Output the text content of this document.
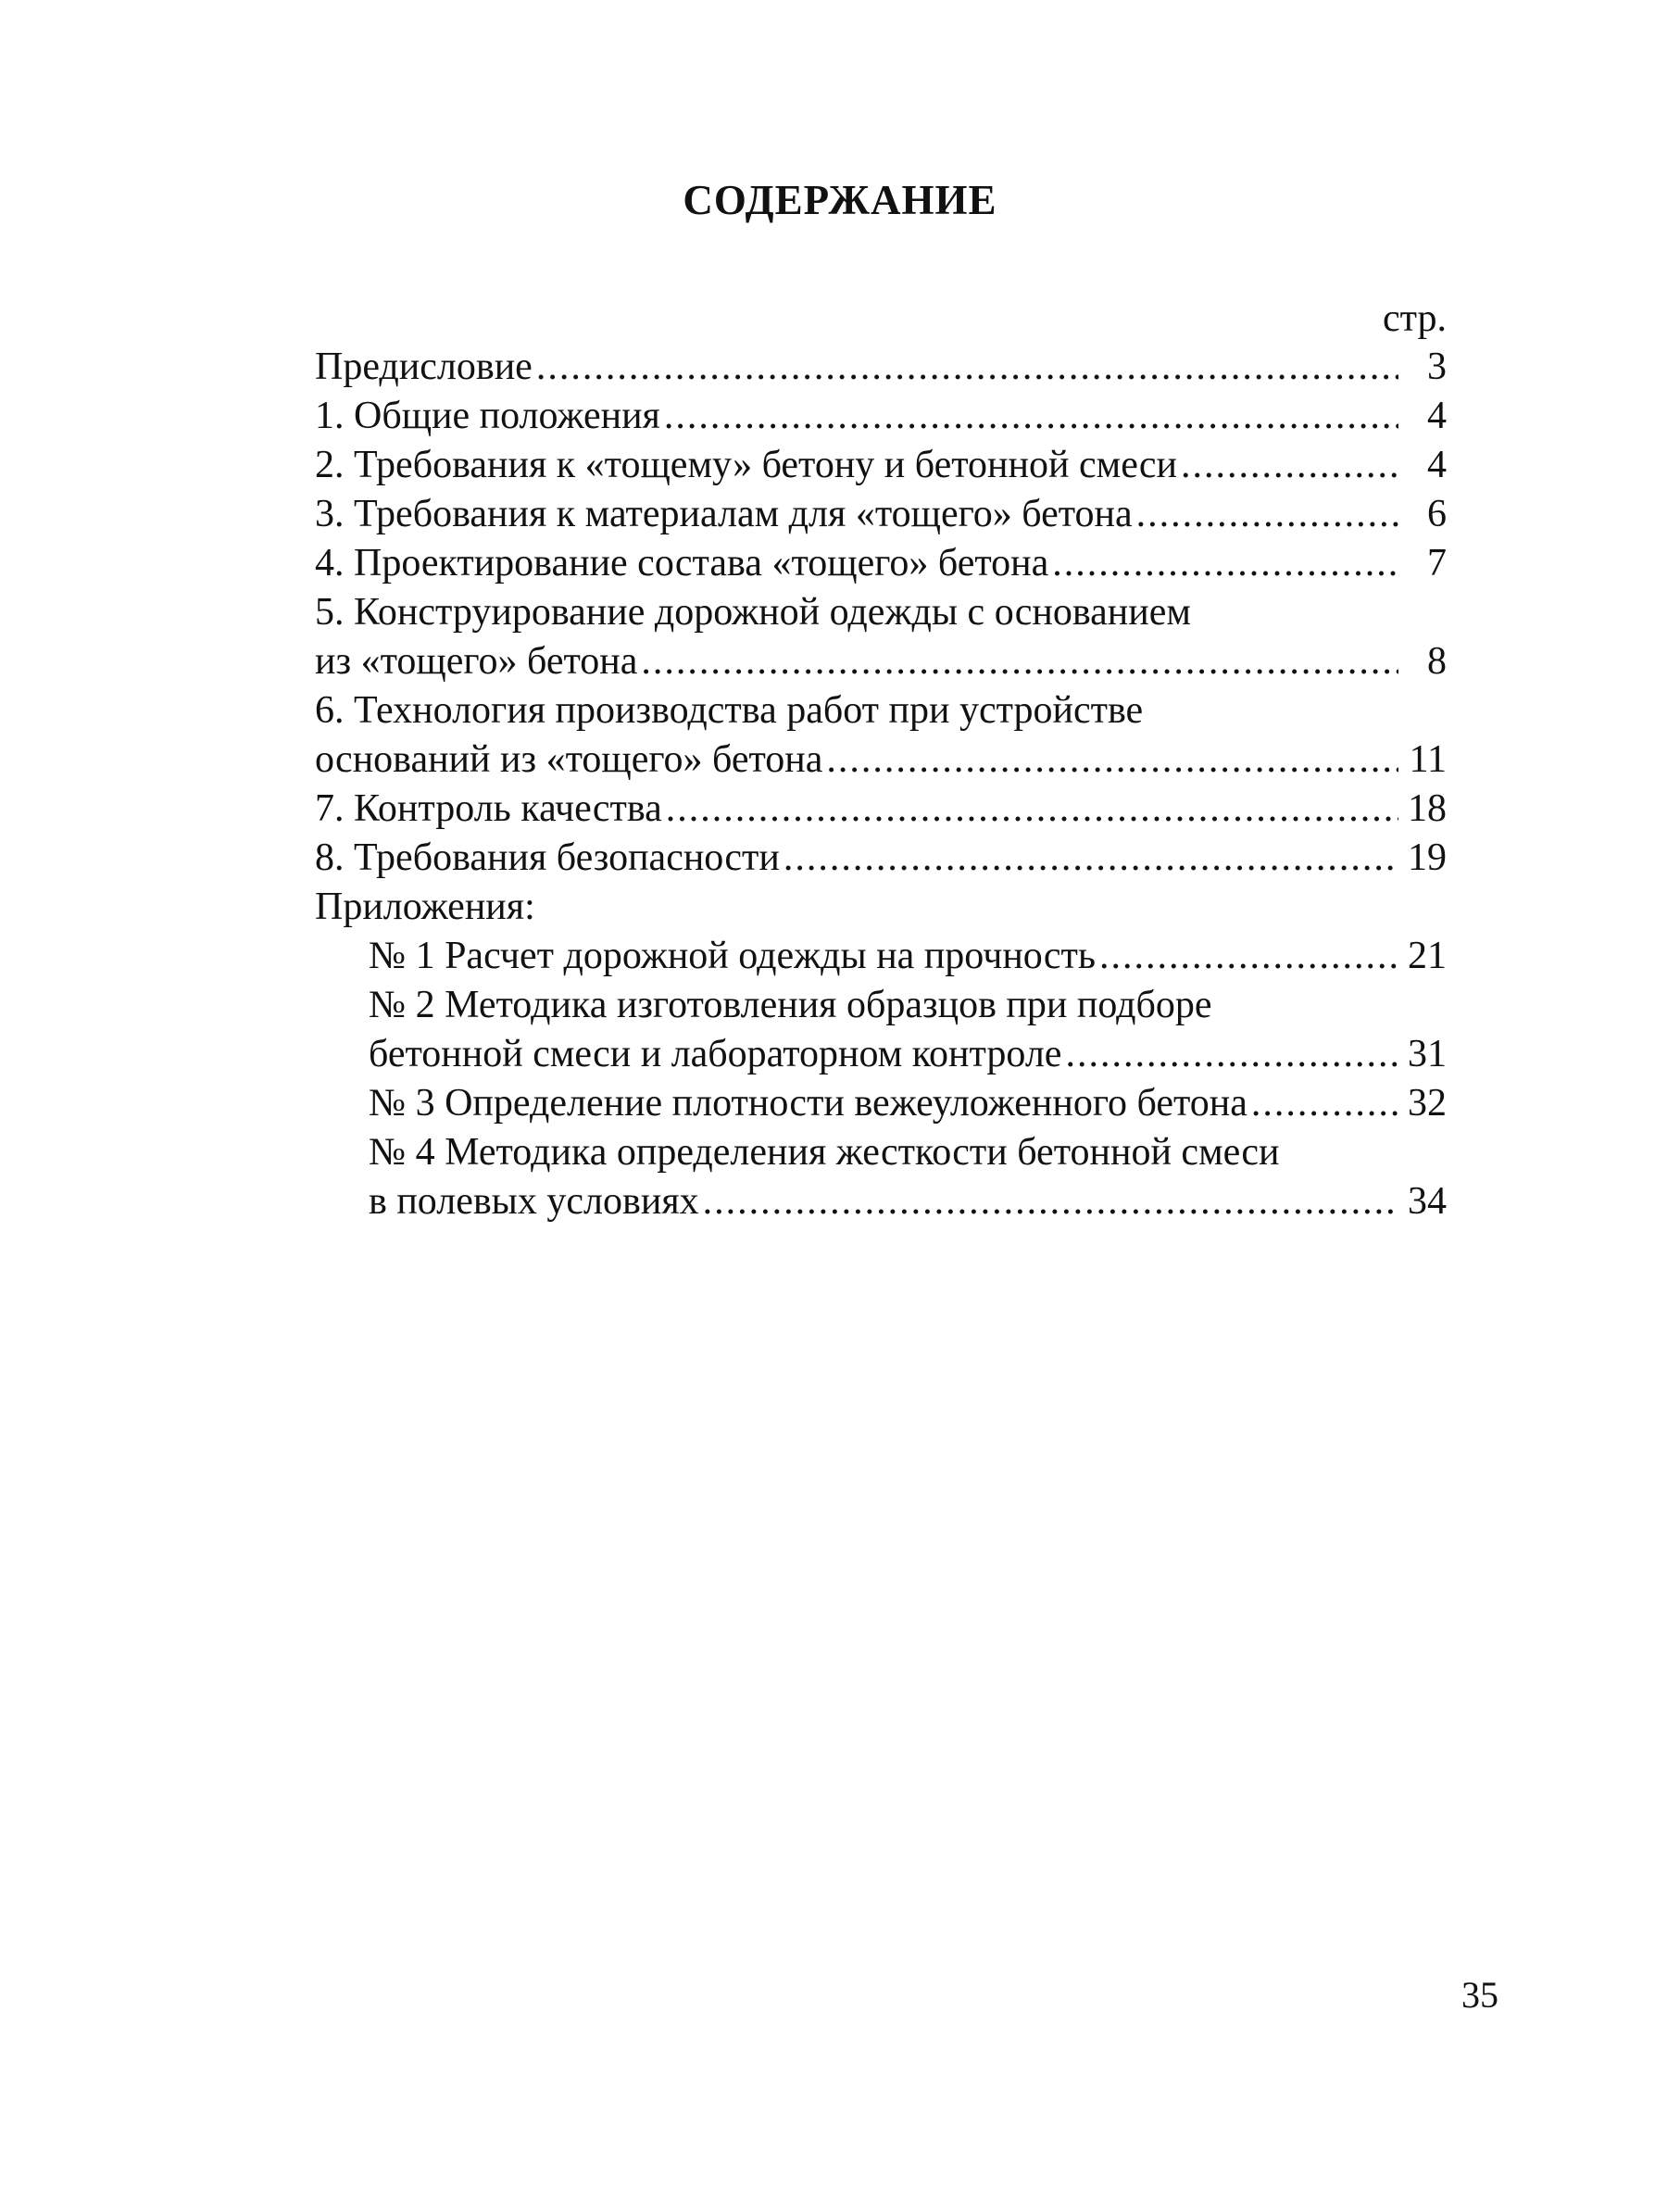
СОДЕРЖАНИЕ
стр.
Предисловие .....	3
1. Общие положения .....	4
2. Требования к «тощему» бетону и бетонной смеси .....	4
3. Требования к материалам для «тощего» бетона .....	6
4. Проектирование состава «тощего» бетона .....	7
5. Конструирование дорожной одежды с основанием
из «тощего» бетона .....	8
6. Технология производства работ при устройстве
оснований из «тощего» бетона .....	11
7. Контроль качества .....	18
8. Требования безопасности .....	19
Приложения:
№ 1 Расчет дорожной одежды на прочность .....	21
№ 2 Методика изготовления образцов при подборе
бетонной смеси и лабораторном контроле .....	31
№ 3 Определение плотности вежеуложенного бетона .....	32
№ 4 Методика определения жесткости бетонной смеси
в полевых условиях .....	34
35
